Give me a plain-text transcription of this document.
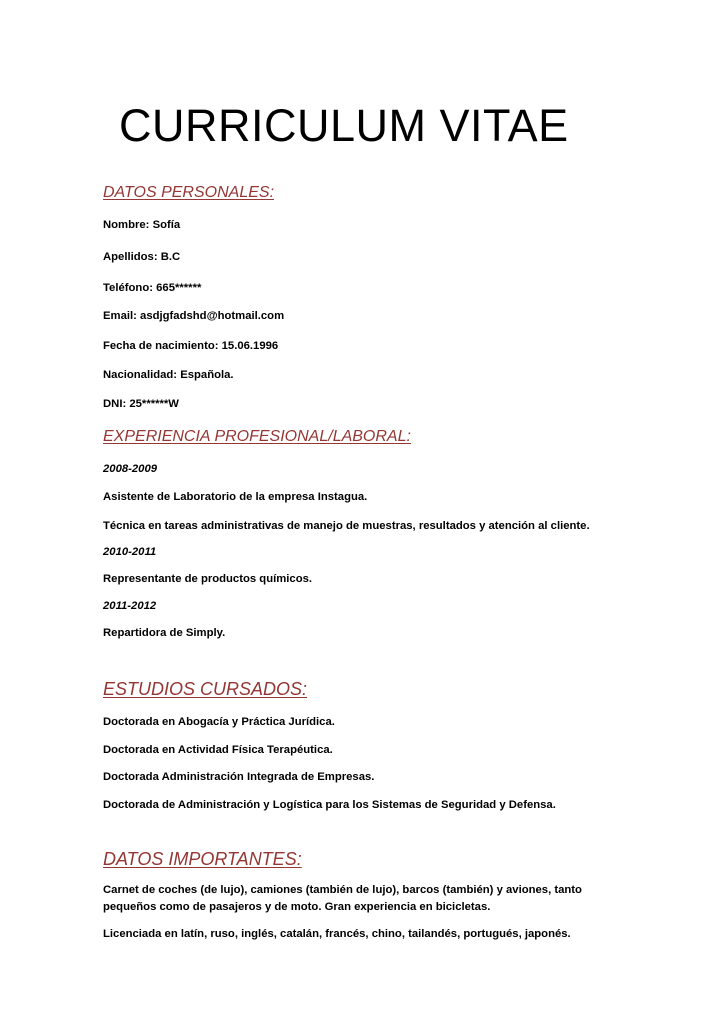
CURRICULUM VITAE
DATOS PERSONALES:

Nombre: Sofía

Apellidos: B.C

Teléfono: 665******

Email: asdjgfadshd@hotmail.com

Fecha de nacimiento: 15.06.1996

Nacionalidad: Española.

DNI: 25******W

EXPERIENCIA PROFESIONAL/LABORAL:

2008-2009

Asistente de Laboratorio de la empresa Instagua.

Técnica en tareas administrativas de manejo de muestras, resultados y atención al cliente.

2010-2011

Representante de productos químicos.

2011-2012

Repartidora de Simply.

ESTUDIOS CURSADOS:

Doctorada en Abogacía y Práctica Jurídica.

Doctorada en Actividad Física Terapéutica.

Doctorada Administración Integrada de Empresas.

Doctorada de Administración y Logística para los Sistemas de Seguridad y Defensa.

DATOS IMPORTANTES:

Carnet de coches (de lujo), camiones (también de lujo), barcos (también) y aviones, tanto pequeños como de pasajeros y de moto. Gran experiencia en bicicletas.

Licenciada en latín, ruso, inglés, catalán, francés, chino, tailandés, portugués, japonés.
